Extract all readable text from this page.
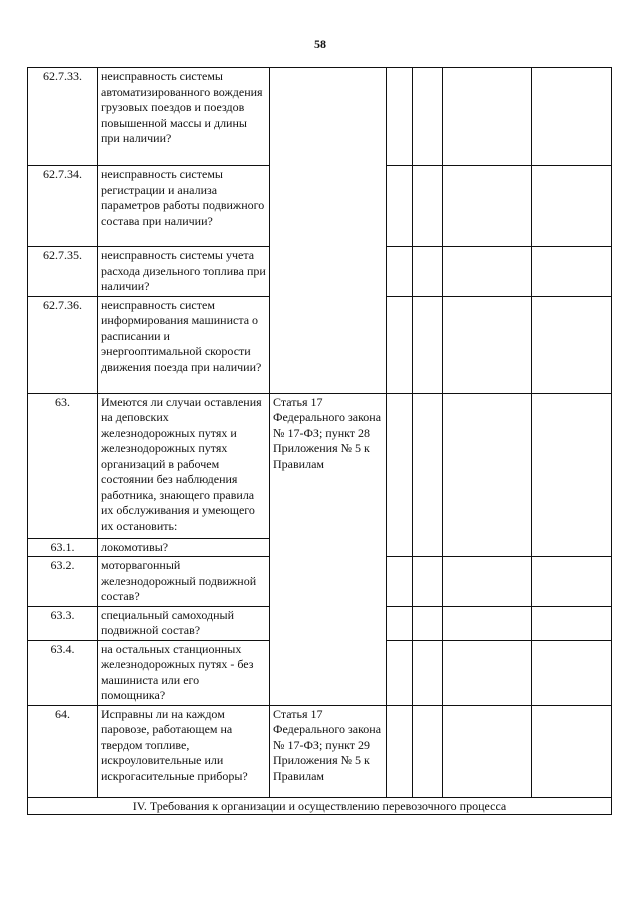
58
62.7.33.	неисправность системы автоматизированного вождения грузовых поездов и поездов повышенной массы и длины при наличии?					
62.7.34.	неисправность системы регистрации и анализа параметров работы подвижного состава при наличии?					
62.7.35.	неисправность системы учета расхода дизельного топлива при наличии?					
62.7.36.	неисправность систем информирования машиниста о расписании и энергооптимальной скорости движения поезда при наличии?					
63.	Имеются ли случаи оставления на деповских железнодорожных путях и железнодорожных путях организаций в рабочем состоянии без наблюдения работника, знающего правила их обслуживания и умеющего их остановить:	Статья 17 Федерального закона № 17-ФЗ; пункт 28 Приложения № 5 к Правилам				
63.1.	локомотивы?					
63.2.	моторвагонный железнодорожный подвижной состав?					
63.3.	специальный самоходный подвижной состав?					
63.4.	на остальных станционных железнодорожных путях - без машиниста или его помощника?					
64.	Исправны ли на каждом паровозе, работающем на твердом топливе, искроуловительные или искрогасительные приборы?	Статья 17 Федерального закона № 17-ФЗ; пункт 29 Приложения № 5 к Правилам				
IV. Требования к организации и осуществлению перевозочного процесса						
